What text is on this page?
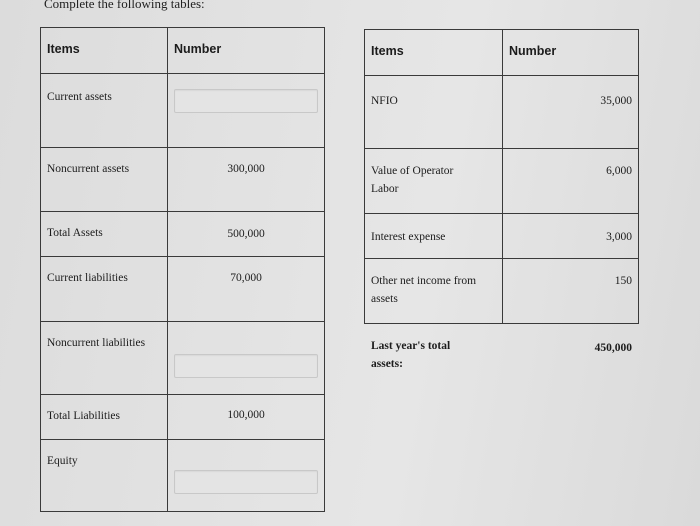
Complete the following tables:
Items	Number

Current assets	

Noncurrent assets	300,000

Total Assets	500,000

Current liabilities	70,000

Noncurrent liabilities	

Total Liabilities	100,000

Equity	

Items	Number

NFIO	35,000

Value of Operator Labor	6,000

Interest expense	3,000

Other net income from assets	150
Last year's total assets:
450,000
